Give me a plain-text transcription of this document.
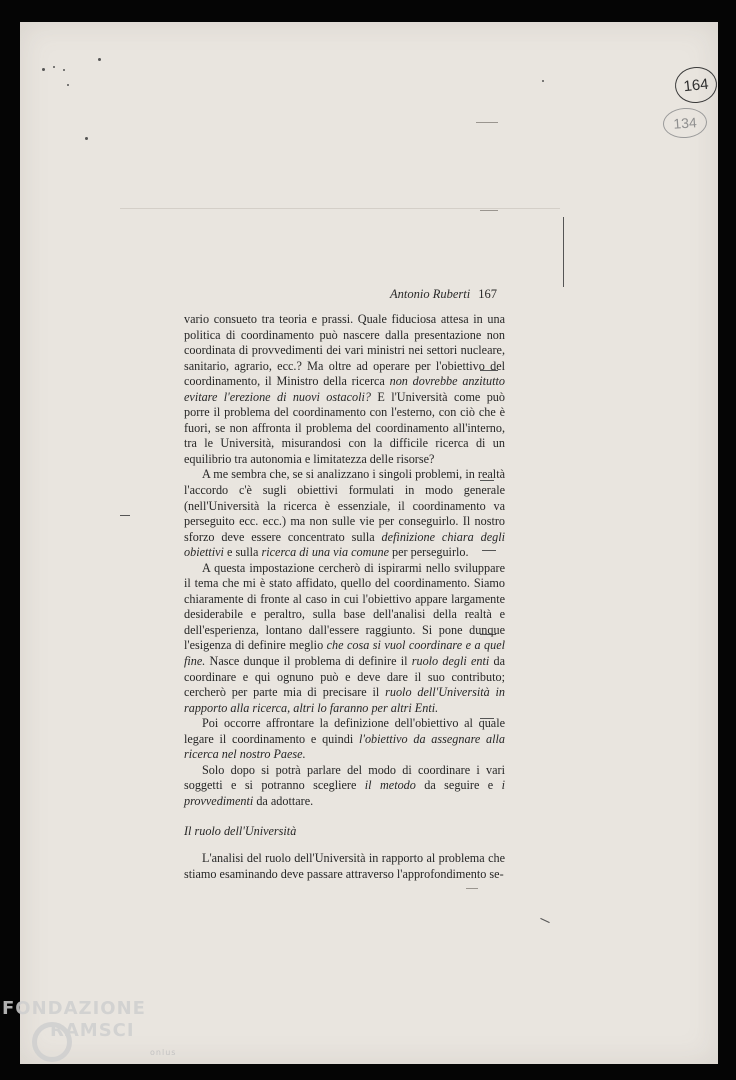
164
134
Antonio Ruberti 167

vario consueto tra teoria e prassi. Quale fiduciosa attesa in una politica di coordinamento può nascere dalla presentazione non coordinata di provvedimenti dei vari ministri nei settori nucleare, sanitario, agrario, ecc.? Ma oltre ad operare per l'obiettivo del coordinamento, il Ministro della ricerca non dovrebbe anzitutto evitare l'erezione di nuovi ostacoli? E l'Università come può porre il problema del coordinamento con l'esterno, con ciò che è fuori, se non affronta il problema del coordinamento all'interno, tra le Università, misurandosi con la difficile ricerca di un equilibrio tra autonomia e limitatezza delle risorse?

A me sembra che, se si analizzano i singoli problemi, in realtà l'accordo c'è sugli obiettivi formulati in modo generale (nell'Università la ricerca è essenziale, il coordinamento va perseguito ecc. ecc.) ma non sulle vie per conseguirlo. Il nostro sforzo deve essere concentrato sulla definizione chiara degli obiettivi e sulla ricerca di una via comune per perseguirlo.

A questa impostazione cercherò di ispirarmi nello sviluppare il tema che mi è stato affidato, quello del coordinamento. Siamo chiaramente di fronte al caso in cui l'obiettivo appare largamente desiderabile e peraltro, sulla base dell'analisi della realtà e dell'esperienza, lontano dall'essere raggiunto. Si pone dunque l'esigenza di definire meglio che cosa si vuol coordinare e a quel fine. Nasce dunque il problema di definire il ruolo degli enti da coordinare e qui ognuno può e deve dare il suo contributo; cercherò per parte mia di precisare il ruolo dell'Università in rapporto alla ricerca, altri lo faranno per altri Enti.

Poi occorre affrontare la definizione dell'obiettivo al quale legare il coordinamento e quindi l'obiettivo da assegnare alla ricerca nel nostro Paese.

Solo dopo si potrà parlare del modo di coordinare i vari soggetti e si potranno scegliere il metodo da seguire e i provvedimenti da adottare.

Il ruolo dell'Università

L'analisi del ruolo dell'Università in rapporto al problema che stiamo esaminando deve passare attraverso l'approfondimento se-

FONDAZIONE
RAMSCI
onlus
